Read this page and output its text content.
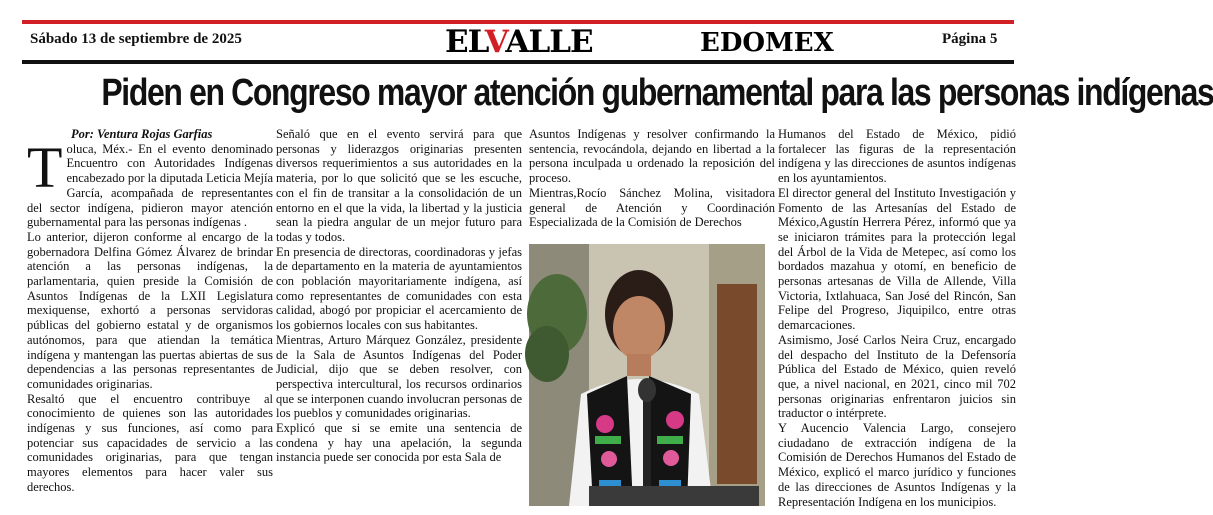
Sábado 13 de septiembre de 2025	ELVALLE	EDOMEX	Página 5
Piden en Congreso mayor atención gubernamental para las personas indígenas

Por: Ventura Rojas Garfias

Toluca, Méx.- En el evento denominado Encuentro con Autoridades Indígenas encabezado por la diputada Leticia Mejía García, acompañada de representantes del sector indígena, pidieron mayor atención gubernamental para las personas indígenas .

Lo anterior, dijeron conforme al encargo de la gobernadora Delfina Gómez Álvarez de brindar atención a las personas indígenas, la parlamentaria, quien preside la Comisión de Asuntos Indígenas de la LXII Legislatura mexiquense, exhortó a personas servidoras públicas del gobierno estatal y de organismos autónomos, para que atiendan la temática indígena y mantengan las puertas abiertas de sus dependencias a las personas representantes de comunidades originarias.

Resaltó que el encuentro contribuye al conocimiento de quienes son las autoridades indígenas y sus funciones, así como para potenciar sus capacidades de servicio a las comunidades originarias, para que tengan mayores elementos para hacer valer sus derechos.

Señaló que en el evento servirá para que personas y liderazgos originarias presenten diversos requerimientos a sus autoridades en la materia, por lo que solicitó que se les escuche, con el fin de transitar a la consolidación de un entorno en el que la vida, la libertad y la justicia sean la piedra angular de un mejor futuro para todas y todos.

En presencia de directoras, coordinadoras y jefas de departamento en la materia de ayuntamientos con población mayoritariamente indígena, así como representantes de comunidades con esta calidad, abogó por propiciar el acercamiento de los gobiernos locales con sus habitantes.

Mientras, Arturo Márquez González, presidente de la Sala de Asuntos Indígenas del Poder Judicial, dijo que se deben resolver, con perspectiva intercultural, los recursos ordinarios que se interponen cuando involucran personas de los pueblos y comunidades originarias.

Explicó que si se emite una sentencia de condena y hay una apelación, la segunda instancia puede ser conocida por esta Sala de

Asuntos Indígenas y resolver confirmando la sentencia, revocándola, dejando en libertad a la persona inculpada u ordenado la reposición del proceso.

Mientras,Rocío Sánchez Molina, visitadora general de Atención y Coordinación Especializada de la Comisión de Derechos

Humanos del Estado de México, pidió fortalecer las figuras de la representación indígena y las direcciones de asuntos indígenas en los ayuntamientos.

El director general del Instituto Investigación y Fomento de las Artesanías del Estado de México,Agustín Herrera Pérez, informó que ya se iniciaron trámites para la protección legal del Árbol de la Vida de Metepec, así como los bordados mazahua y otomí, en beneficio de personas artesanas de Villa de Allende, Villa Victoria, Ixtlahuaca, San José del Rincón, San Felipe del Progreso, Jiquipilco, entre otras demarcaciones.

Asimismo, José Carlos Neira Cruz, encargado del despacho del Instituto de la Defensoría Pública del Estado de México, quien reveló que, a nivel nacional, en 2021, cinco mil 702 personas originarias enfrentaron juicios sin traductor o intérprete.

Y Aucencio Valencia Largo, consejero ciudadano de extracción indígena de la Comisión de Derechos Humanos del Estado de México, explicó el marco jurídico y funciones de las direcciones de Asuntos Indígenas y la Representación Indígena en los municipios.
